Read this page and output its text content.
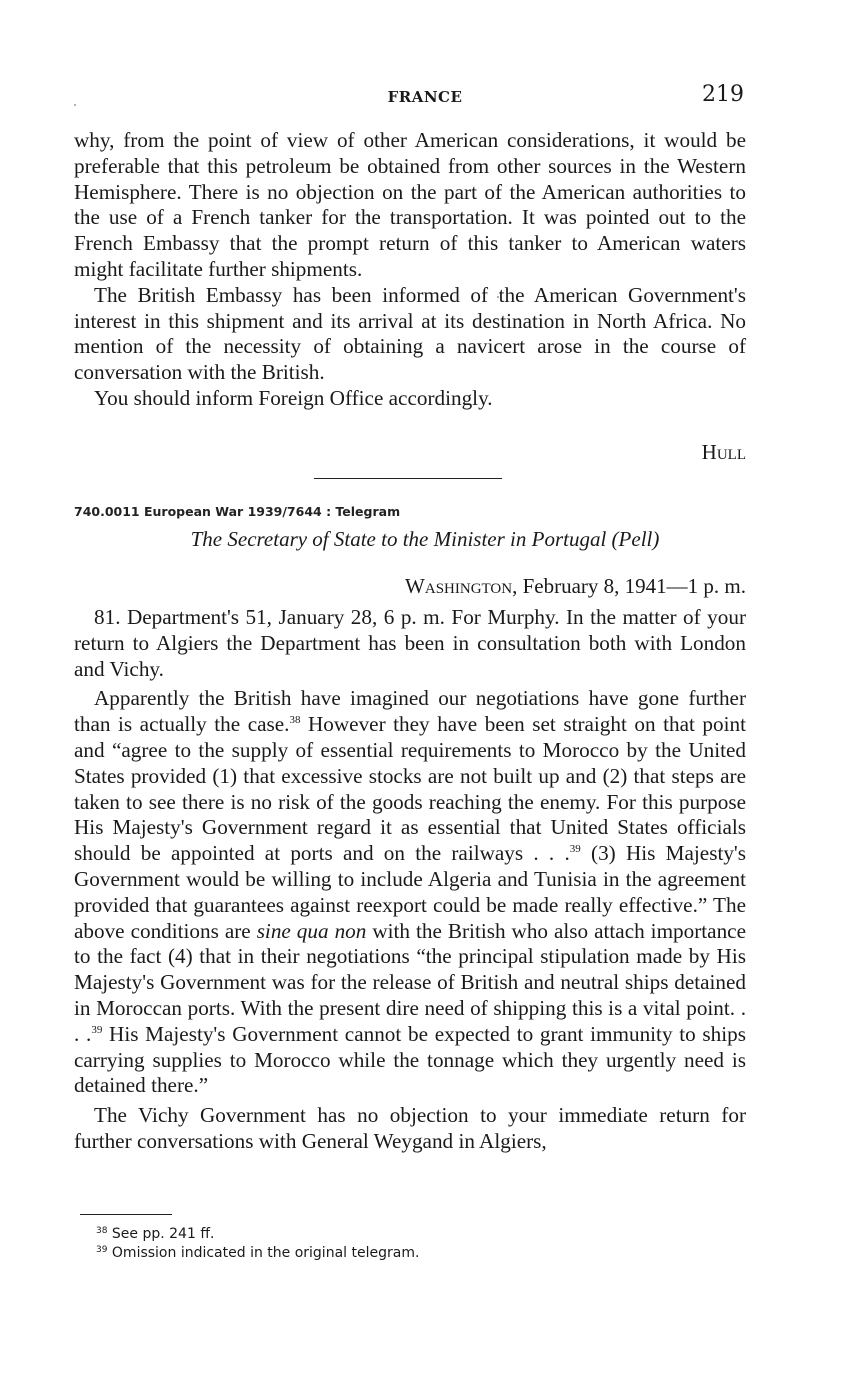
FRANCE	219

why, from the point of view of other American considerations, it would be preferable that this petroleum be obtained from other sources in the Western Hemisphere. There is no objection on the part of the American authorities to the use of a French tanker for the transportation. It was pointed out to the French Embassy that the prompt return of this tanker to American waters might facilitate further shipments.

The British Embassy has been informed of the American Government's interest in this shipment and its arrival at its destination in North Africa. No mention of the necessity of obtaining a navicert arose in the course of conversation with the British.

You should inform Foreign Office accordingly.

Hull
740.0011 European War 1939/7644 : Telegram
The Secretary of State to the Minister in Portugal (Pell)
Washington, February 8, 1941—1 p. m.

81. Department's 51, January 28, 6 p. m. For Murphy. In the matter of your return to Algiers the Department has been in consultation both with London and Vichy.

Apparently the British have imagined our negotiations have gone further than is actually the case.$^{38}$ However they have been set straight on that point and “agree to the supply of essential requirements to Morocco by the United States provided (1) that excessive stocks are not built up and (2) that steps are taken to see there is no risk of the goods reaching the enemy. For this purpose His Majesty's Government regard it as essential that United States officials should be appointed at ports and on the railways . . .$^{39}$ (3) His Majesty's Government would be willing to include Algeria and Tunisia in the agreement provided that guarantees against reexport could be made really effective.” The above conditions are sine qua non with the British who also attach importance to the fact (4) that in their negotiations “the principal stipulation made by His Majesty's Government was for the release of British and neutral ships detained in Moroccan ports. With the present dire need of shipping this is a vital point. . . .$^{39}$ His Majesty's Government cannot be expected to grant immunity to ships carrying supplies to Morocco while the tonnage which they urgently need is detained there.”

The Vichy Government has no objection to your immediate return for further conversations with General Weygand in Algiers,

$^{38}$ See pp. 241 ff.
$^{39}$ Omission indicated in the original telegram.
